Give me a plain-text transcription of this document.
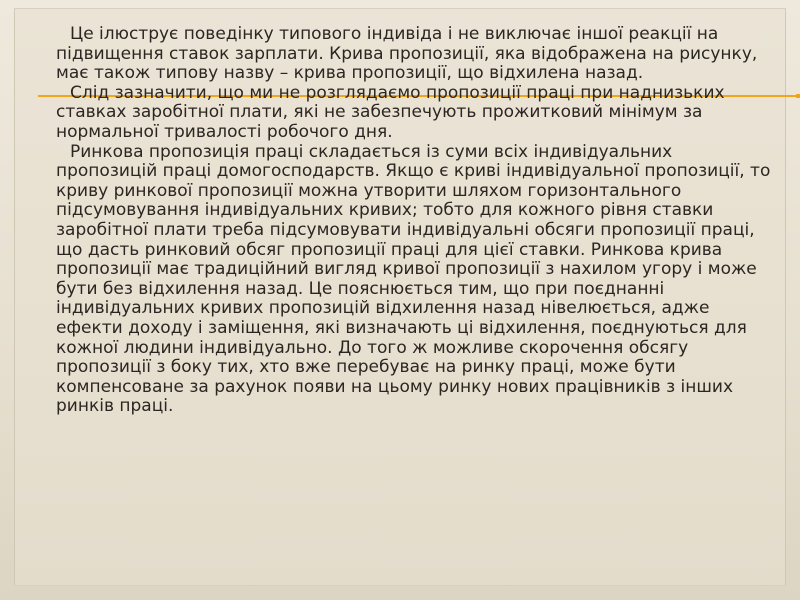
Це ілюструє поведінку типового індивіда і не виключає іншої реакції на підвищення ставок зарплати. Крива пропозиції, яка відображена на рисунку, має також типову назву – крива пропозиції, що відхилена назад.

Слід зазначити, що ми не розглядаємо пропозиції праці при наднизьких ставках заробітної плати, які не забезпечують прожитковий мінімум за нормальної тривалості робочого дня.

Ринкова пропозиція праці складається із суми всіх індивідуальних пропозицій праці домогосподарств. Якщо є криві індивідуальної пропозиції, то криву ринкової пропозиції можна утворити шляхом горизонтального підсумовування індивідуальних кривих; тобто для кожного рівня ставки заробітної плати треба підсумовувати індивідуальні обсяги пропозиції праці, що дасть ринковий обсяг пропозиції праці для цієї ставки. Ринкова крива пропозиції має традиційний вигляд кривої пропозиції з нахилом угору і може бути без відхилення назад. Це пояснюється тим, що при поєднанні індивідуальних кривих пропозицій відхилення назад нівелюється, адже ефекти доходу і заміщення, які визначають ці відхилення, поєднуються для кожної людини індивідуально. До того ж можливе скорочення обсягу пропозиції з боку тих, хто вже перебуває на ринку праці, може бути компенсоване за рахунок появи на цьому ринку нових працівників з інших ринків праці.
